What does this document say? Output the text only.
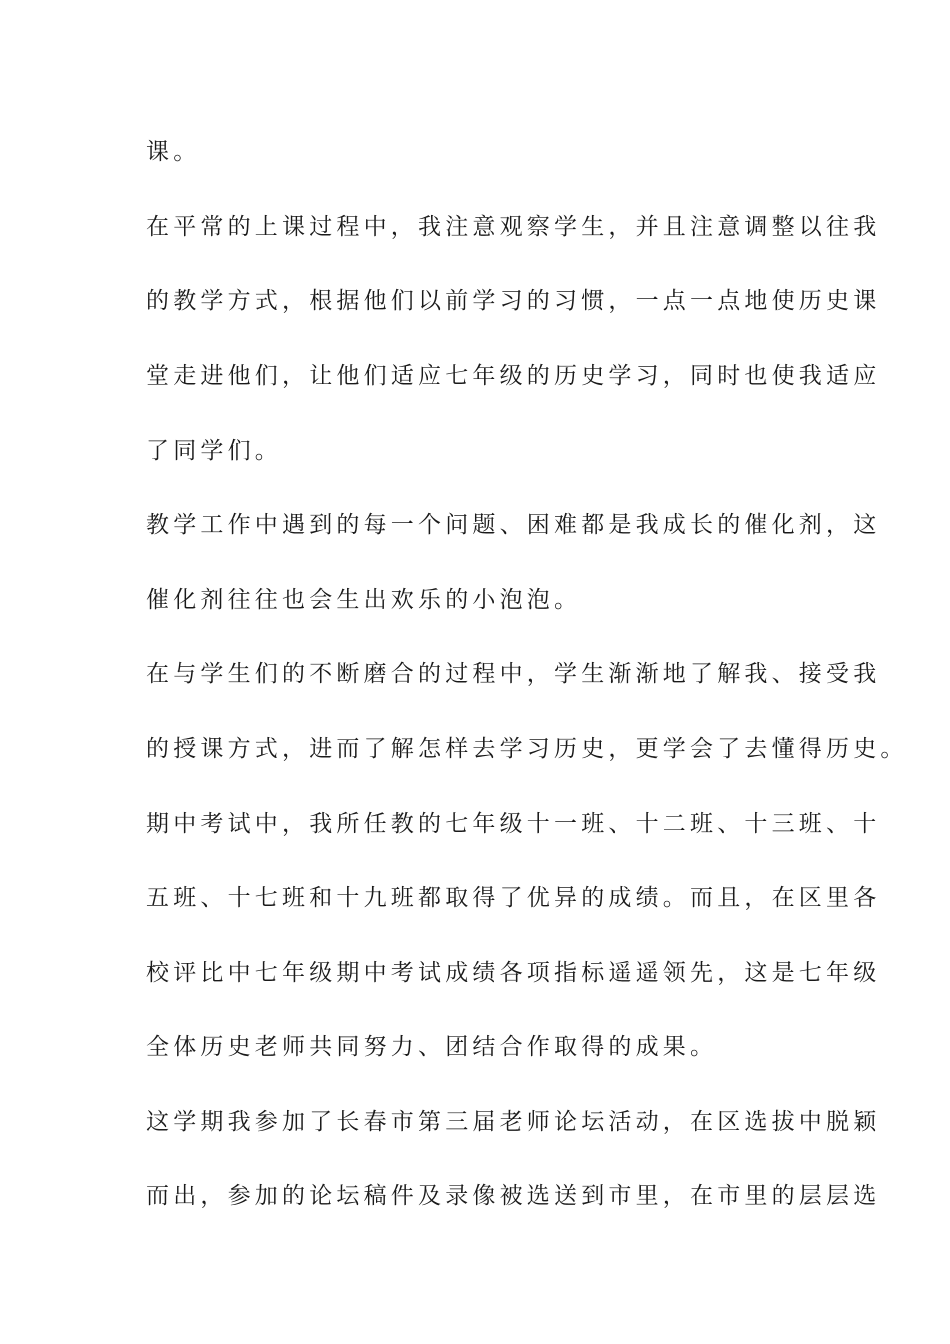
课。
在平常的上课过程中，我注意观察学生，并且注意调整以往我
的教学方式，根据他们以前学习的习惯，一点一点地使历史课
堂走进他们，让他们适应七年级的历史学习，同时也使我适应
了同学们。
教学工作中遇到的每一个问题、困难都是我成长的催化剂，这
催化剂往往也会生出欢乐的小泡泡。
在与学生们的不断磨合的过程中，学生渐渐地了解我、接受我
的授课方式，进而了解怎样去学习历史，更学会了去懂得历史。
期中考试中，我所任教的七年级十一班、十二班、十三班、十
五班、十七班和十九班都取得了优异的成绩。而且，在区里各
校评比中七年级期中考试成绩各项指标遥遥领先，这是七年级
全体历史老师共同努力、团结合作取得的成果。
这学期我参加了长春市第三届老师论坛活动，在区选拔中脱颖
而出，参加的论坛稿件及录像被选送到市里，在市里的层层选
